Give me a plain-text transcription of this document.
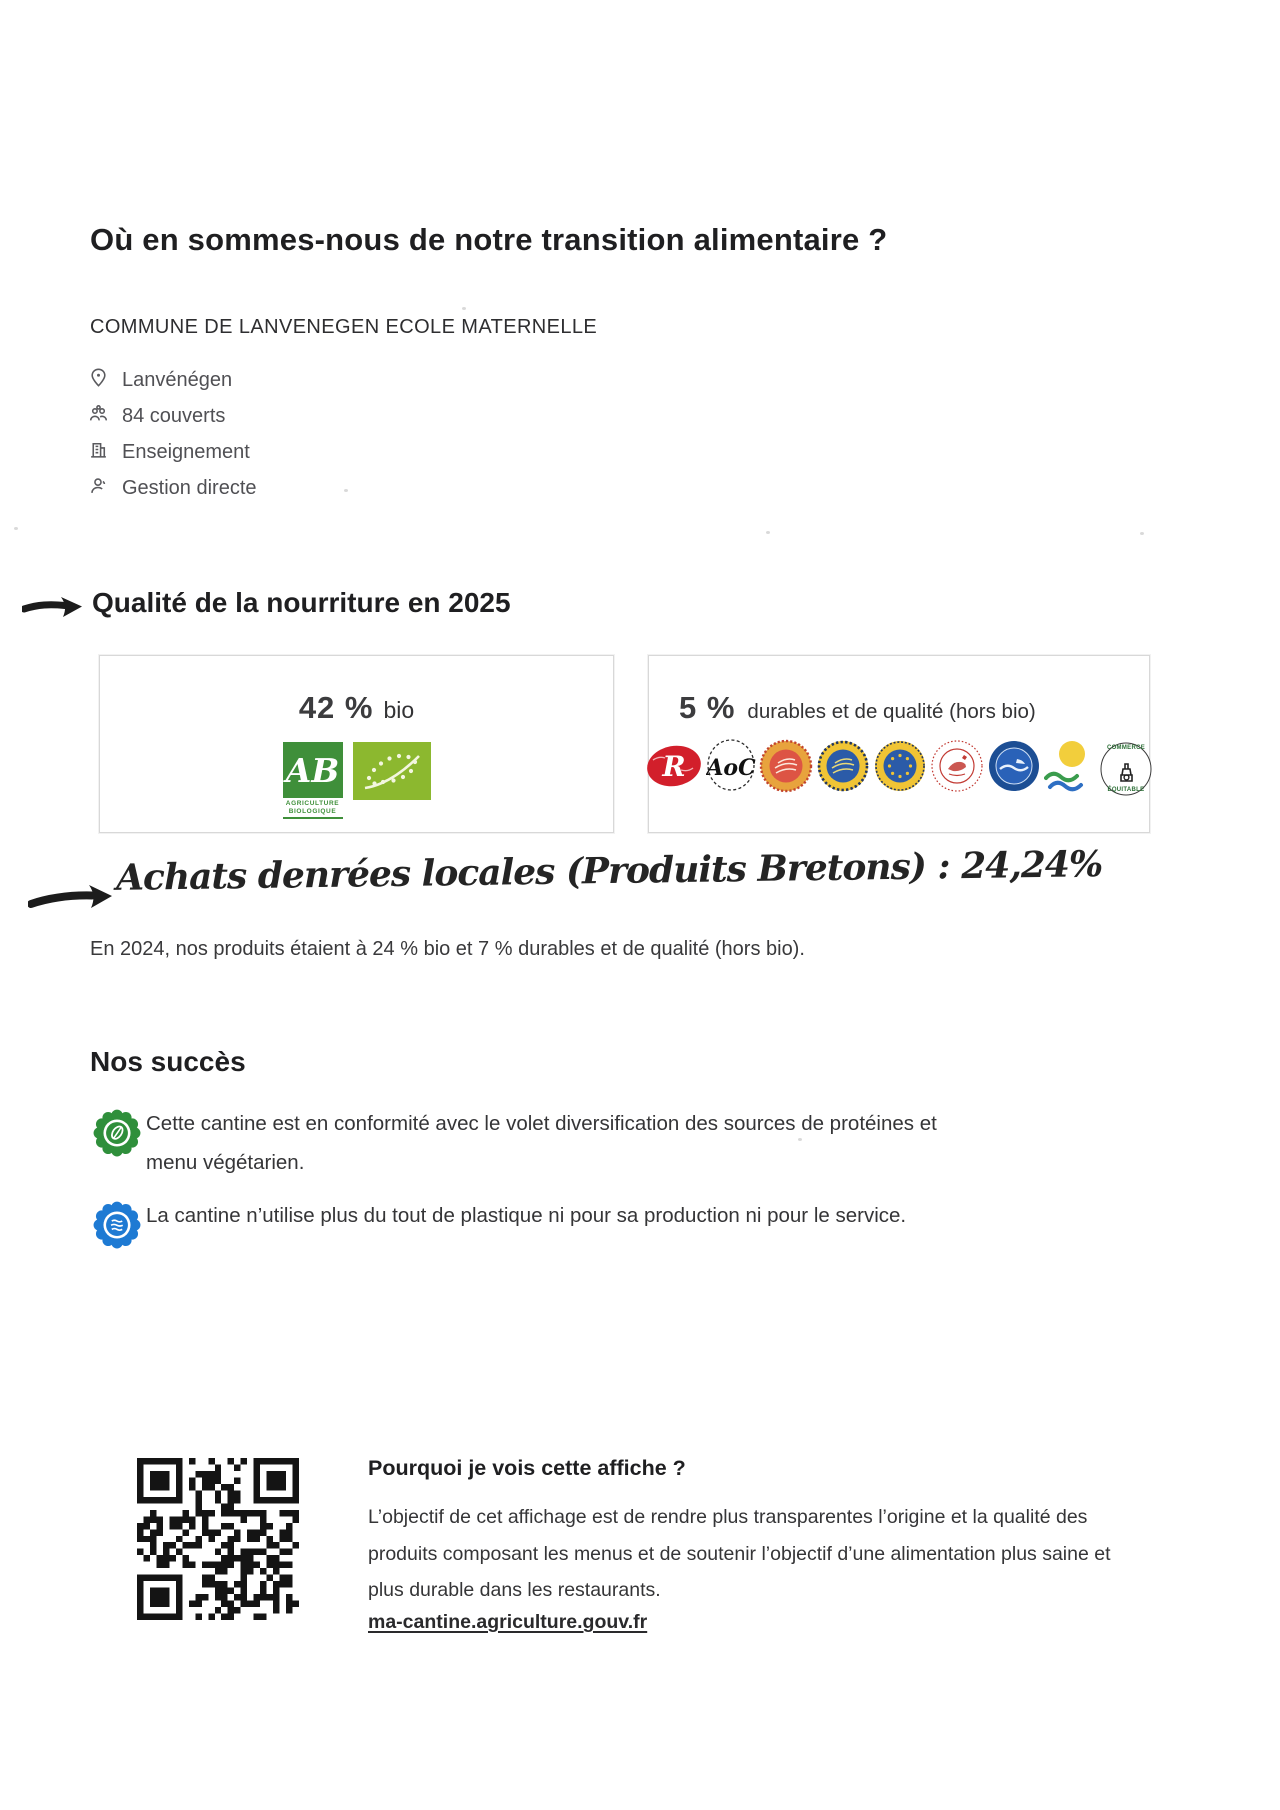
Où en sommes-nous de notre transition alimentaire ?
COMMUNE DE LANVENEGEN ECOLE MATERNELLE
Lanvénégen
84 couverts
Enseignement
Gestion directe
Qualité de la nourriture en 2025
42 % bio
AB
AGRICULTURE
BIOLOGIQUE
5 % durables et de qualité (hors bio)
R AoC
COMMERCE
ÉQUITABLE
Achats denrées locales (Produits Bretons) : 24,24%
En 2024, nos produits étaient à 24 % bio et 7 % durables et de qualité (hors bio).
Nos succès
Cette cantine est en conformité avec le volet diversification des sources de protéines et menu végétarien.
La cantine n’utilise plus du tout de plastique ni pour sa production ni pour le service.
Pourquoi je vois cette affiche ?
L’objectif de cet affichage est de rendre plus transparentes l’origine et la qualité des produits composant les menus et de soutenir l’objectif d’une alimentation plus saine et plus durable dans les restaurants.
ma-cantine.agriculture.gouv.fr
